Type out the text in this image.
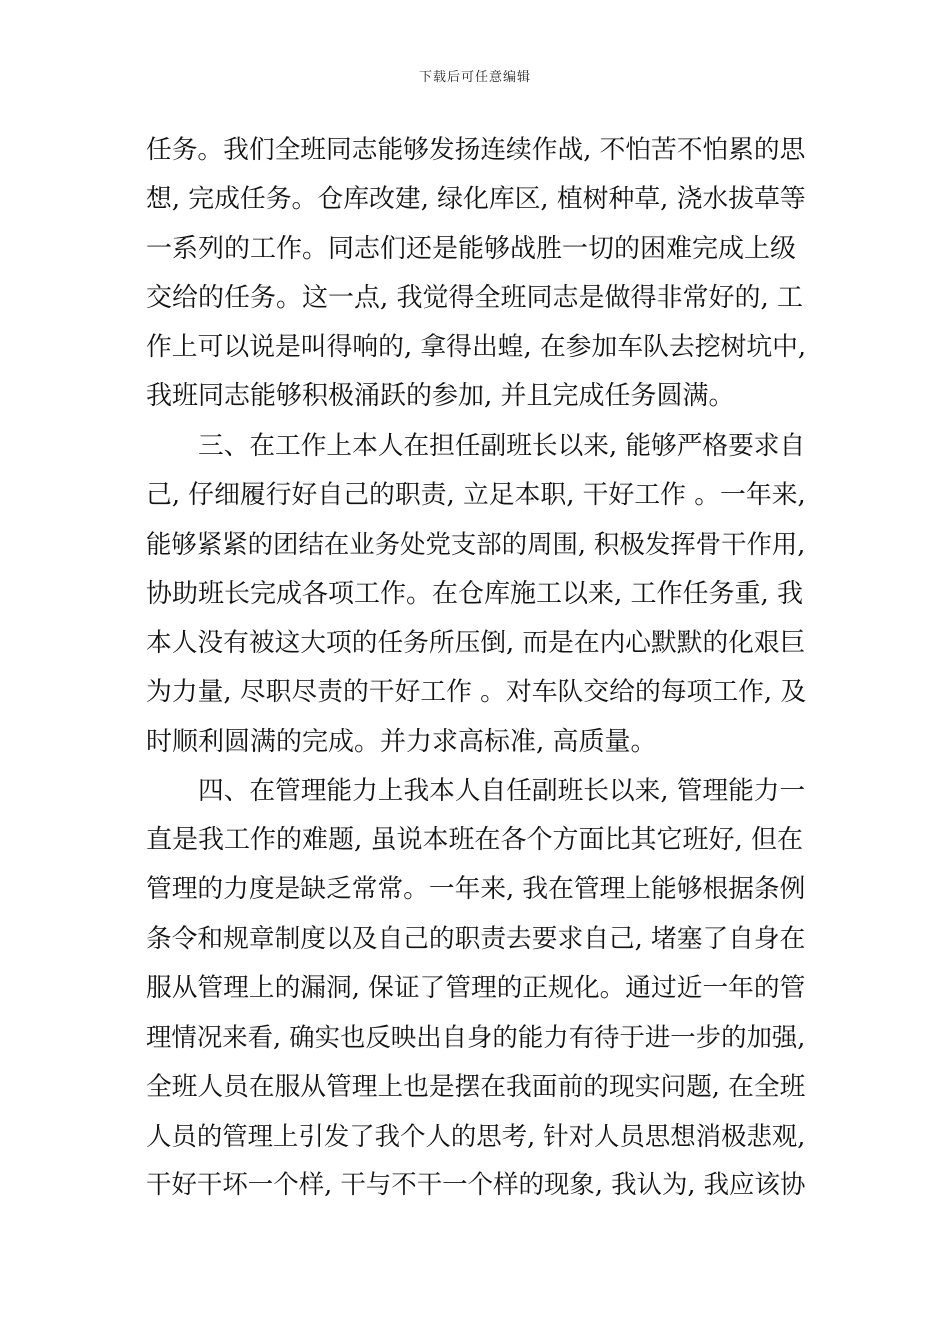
下载后可任意编辑
任务。我们全班同志能够发扬连续作战, 不怕苦不怕累的思
想, 完成任务。仓库改建, 绿化库区, 植树种草, 浇水拔草等
一系列的工作。同志们还是能够战胜一切的困难完成上级
交给的任务。这一点, 我觉得全班同志是做得非常好的, 工
作上可以说是叫得响的, 拿得出蝗, 在参加车队去挖树坑中,
我班同志能够积极涌跃的参加, 并且完成任务圆满。
三、在工作上本人在担任副班长以来, 能够严格要求自
己, 仔细履行好自己的职责, 立足本职, 干好工作 。一年来,
能够紧紧的团结在业务处党支部的周围, 积极发挥骨干作用,
协助班长完成各项工作。在仓库施工以来, 工作任务重, 我
本人没有被这大项的任务所压倒, 而是在内心默默的化艰巨
为力量, 尽职尽责的干好工作 。对车队交给的每项工作, 及
时顺利圆满的完成。并力求高标准, 高质量。
四、在管理能力上我本人自任副班长以来, 管理能力一
直是我工作的难题, 虽说本班在各个方面比其它班好, 但在
管理的力度是缺乏常常。一年来, 我在管理上能够根据条例
条令和规章制度以及自己的职责去要求自己, 堵塞了自身在
服从管理上的漏洞, 保证了管理的正规化。通过近一年的管
理情况来看, 确实也反映出自身的能力有待于进一步的加强,
全班人员在服从管理上也是摆在我面前的现实问题, 在全班
人员的管理上引发了我个人的思考, 针对人员思想消极悲观,
干好干坏一个样, 干与不干一个样的现象, 我认为, 我应该协
